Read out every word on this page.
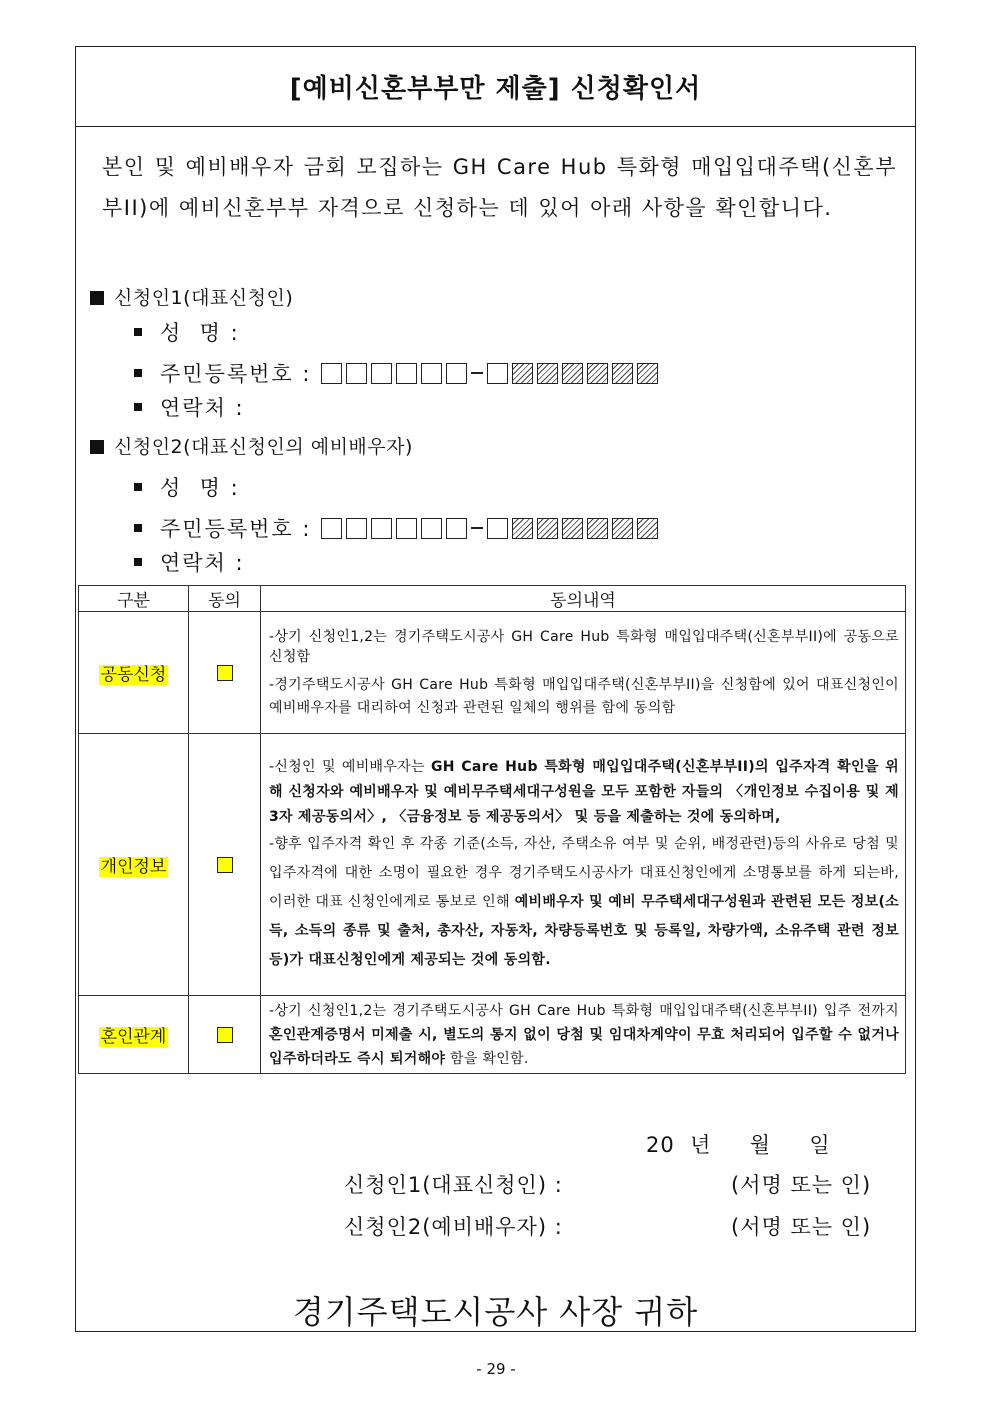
[예비신혼부부만 제출] 신청확인서
본인 및 예비배우자 금회 모집하는 GH Care Hub 특화형 매입입대주택(신혼부부II)에 예비신혼부부 자격으로 신청하는 데 있어 아래 사항을 확인합니다.
신청인1(대표신청인)
성  명 :
주민등록번호 :
연락처 :
신청인2(대표신청인의 예비배우자)
성  명 :
주민등록번호 :
연락처 :
구분	동의	동의내역
공동신청		-상기 신청인1,2는 경기주택도시공사 GH Care Hub 특화형 매입입대주택(신혼부부II)에 공동으로 신청함

-경기주택도시공사 GH Care Hub 특화형 매입입대주택(신혼부부II)을 신청함에 있어 대표신청인이 예비배우자를 대리하여 신청과 관련된 일체의 행위를 함에 동의함

개인정보		-신청인 및 예비배우자는 GH Care Hub 특화형 매입입대주택(신혼부부II)의 입주자격 확인을 위해 신청자와 예비배우자 및 예비무주택세대구성원을 모두 포함한 자들의 〈개인정보 수집이용 및 제3자 제공동의서〉, 〈금융정보 등 제공동의서〉 및 등을 제출하는 것에 동의하며,

-향후 입주자격 확인 후 각종 기준(소득, 자산, 주택소유 여부 및 순위, 배정관련)등의 사유로 당첨 및 입주자격에 대한 소명이 필요한 경우 경기주택도시공사가 대표신청인에게 소명통보를 하게 되는바, 이러한 대표 신청인에게로 통보로 인해 예비배우자 및 예비 무주택세대구성원과 관련된 모든 정보(소득, 소득의 종류 및 출처, 총자산, 자동차, 차량등록번호 및 등록일, 차량가액, 소유주택 관련 정보 등)가 대표신청인에게 제공되는 것에 동의함.

혼인관계		-상기 신청인1,2는 경기주택도시공사 GH Care Hub 특화형 매입입대주택(신혼부부II) 입주 전까지 혼인관계증명서 미제출 시, 별도의 통지 없이 당첨 및 임대차계약이 무효 처리되어 입주할 수 없거나 입주하더라도 즉시 퇴거해야 함을 확인함.

20  년     월     일
신청인1(대표신청인) :	(서명 또는 인)
신청인2(예비배우자) :	(서명 또는 인)
경기주택도시공사 사장 귀하
- 29 -
